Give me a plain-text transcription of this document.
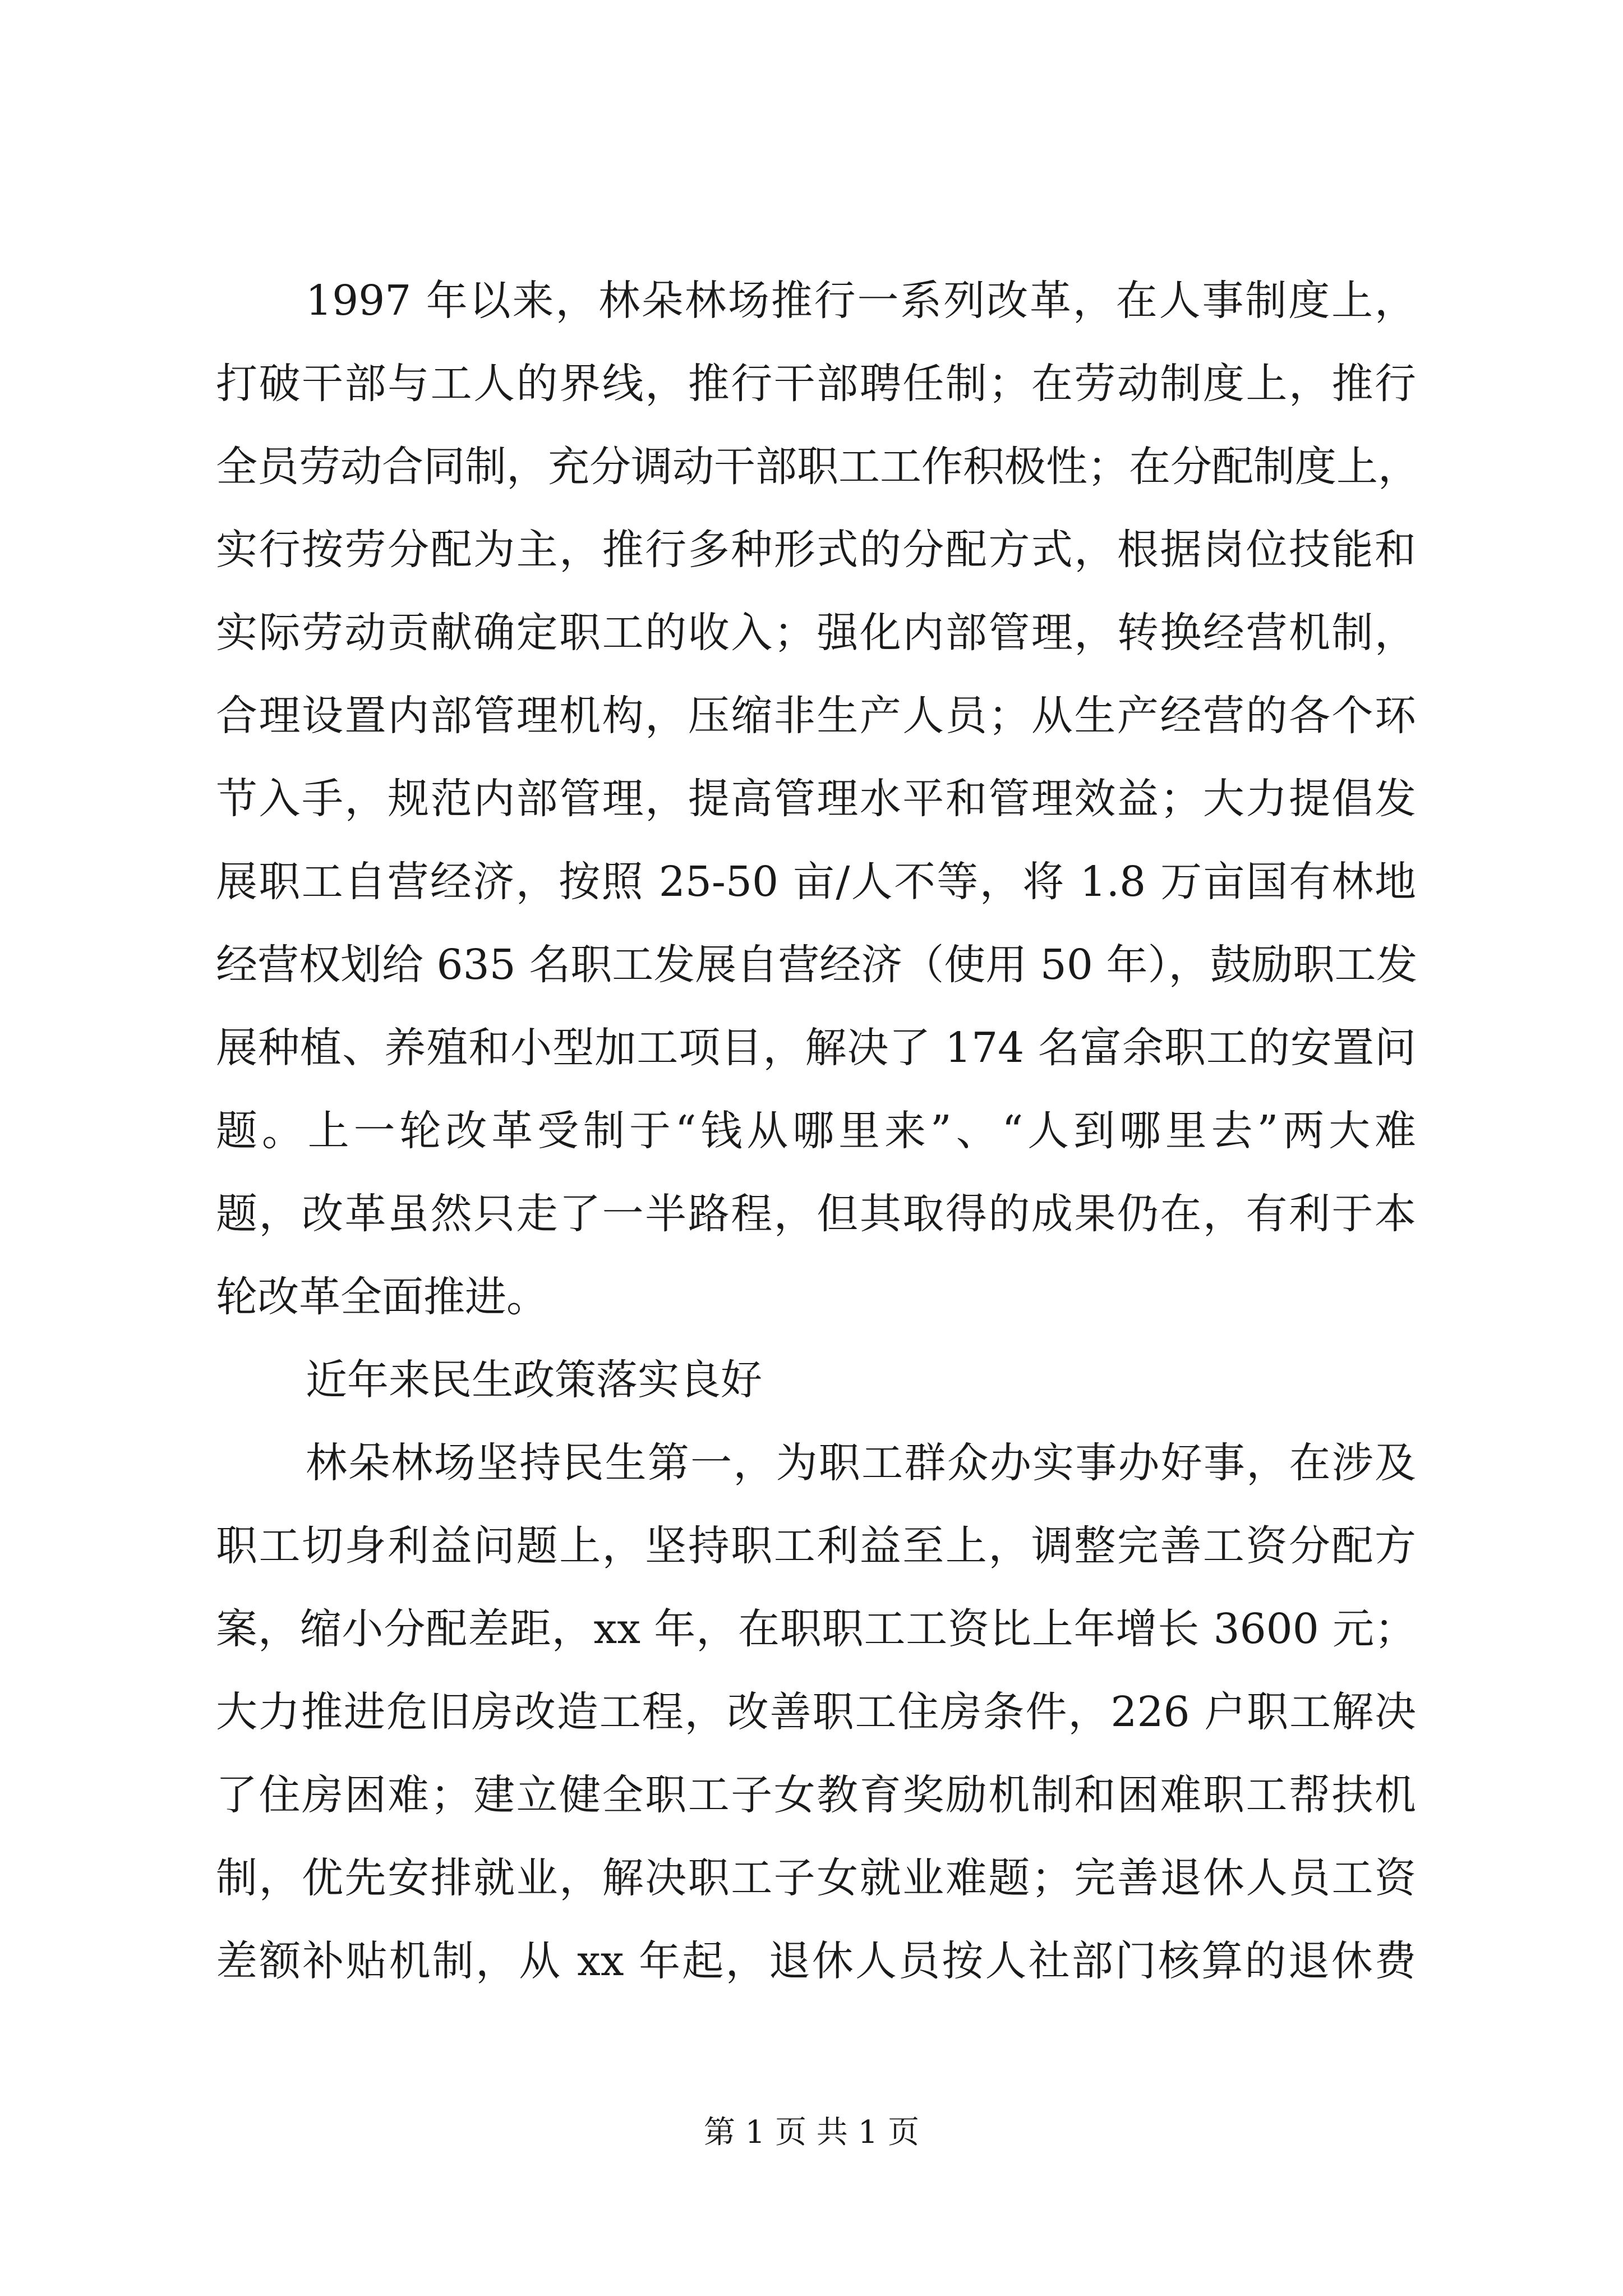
1997 年以来，林朵林场推行一系列改革，在人事制度上，
打破干部与工人的界线，推行干部聘任制；在劳动制度上，推行
全员劳动合同制，充分调动干部职工工作积极性；在分配制度上，
实行按劳分配为主，推行多种形式的分配方式，根据岗位技能和
实际劳动贡献确定职工的收入；强化内部管理，转换经营机制，
合理设置内部管理机构，压缩非生产人员；从生产经营的各个环
节入手，规范内部管理，提高管理水平和管理效益；大力提倡发
展职工自营经济，按照 25-50 亩/人不等，将 1.8 万亩国有林地
经营权划给 635 名职工发展自营经济（使用 50 年），鼓励职工发
展种植、养殖和小型加工项目，解决了 174 名富余职工的安置问
题。上一轮改革受制于“钱从哪里来”、“人到哪里去”两大难
题，改革虽然只走了一半路程，但其取得的成果仍在，有利于本
轮改革全面推进。
近年来民生政策落实良好
林朵林场坚持民生第一，为职工群众办实事办好事，在涉及
职工切身利益问题上，坚持职工利益至上，调整完善工资分配方
案，缩小分配差距，xx 年，在职职工工资比上年增长 3600 元；
大力推进危旧房改造工程，改善职工住房条件，226 户职工解决
了住房困难；建立健全职工子女教育奖励机制和困难职工帮扶机
制，优先安排就业，解决职工子女就业难题；完善退休人员工资
差额补贴机制，从 xx 年起，退休人员按人社部门核算的退休费
第 1 页 共 1 页
